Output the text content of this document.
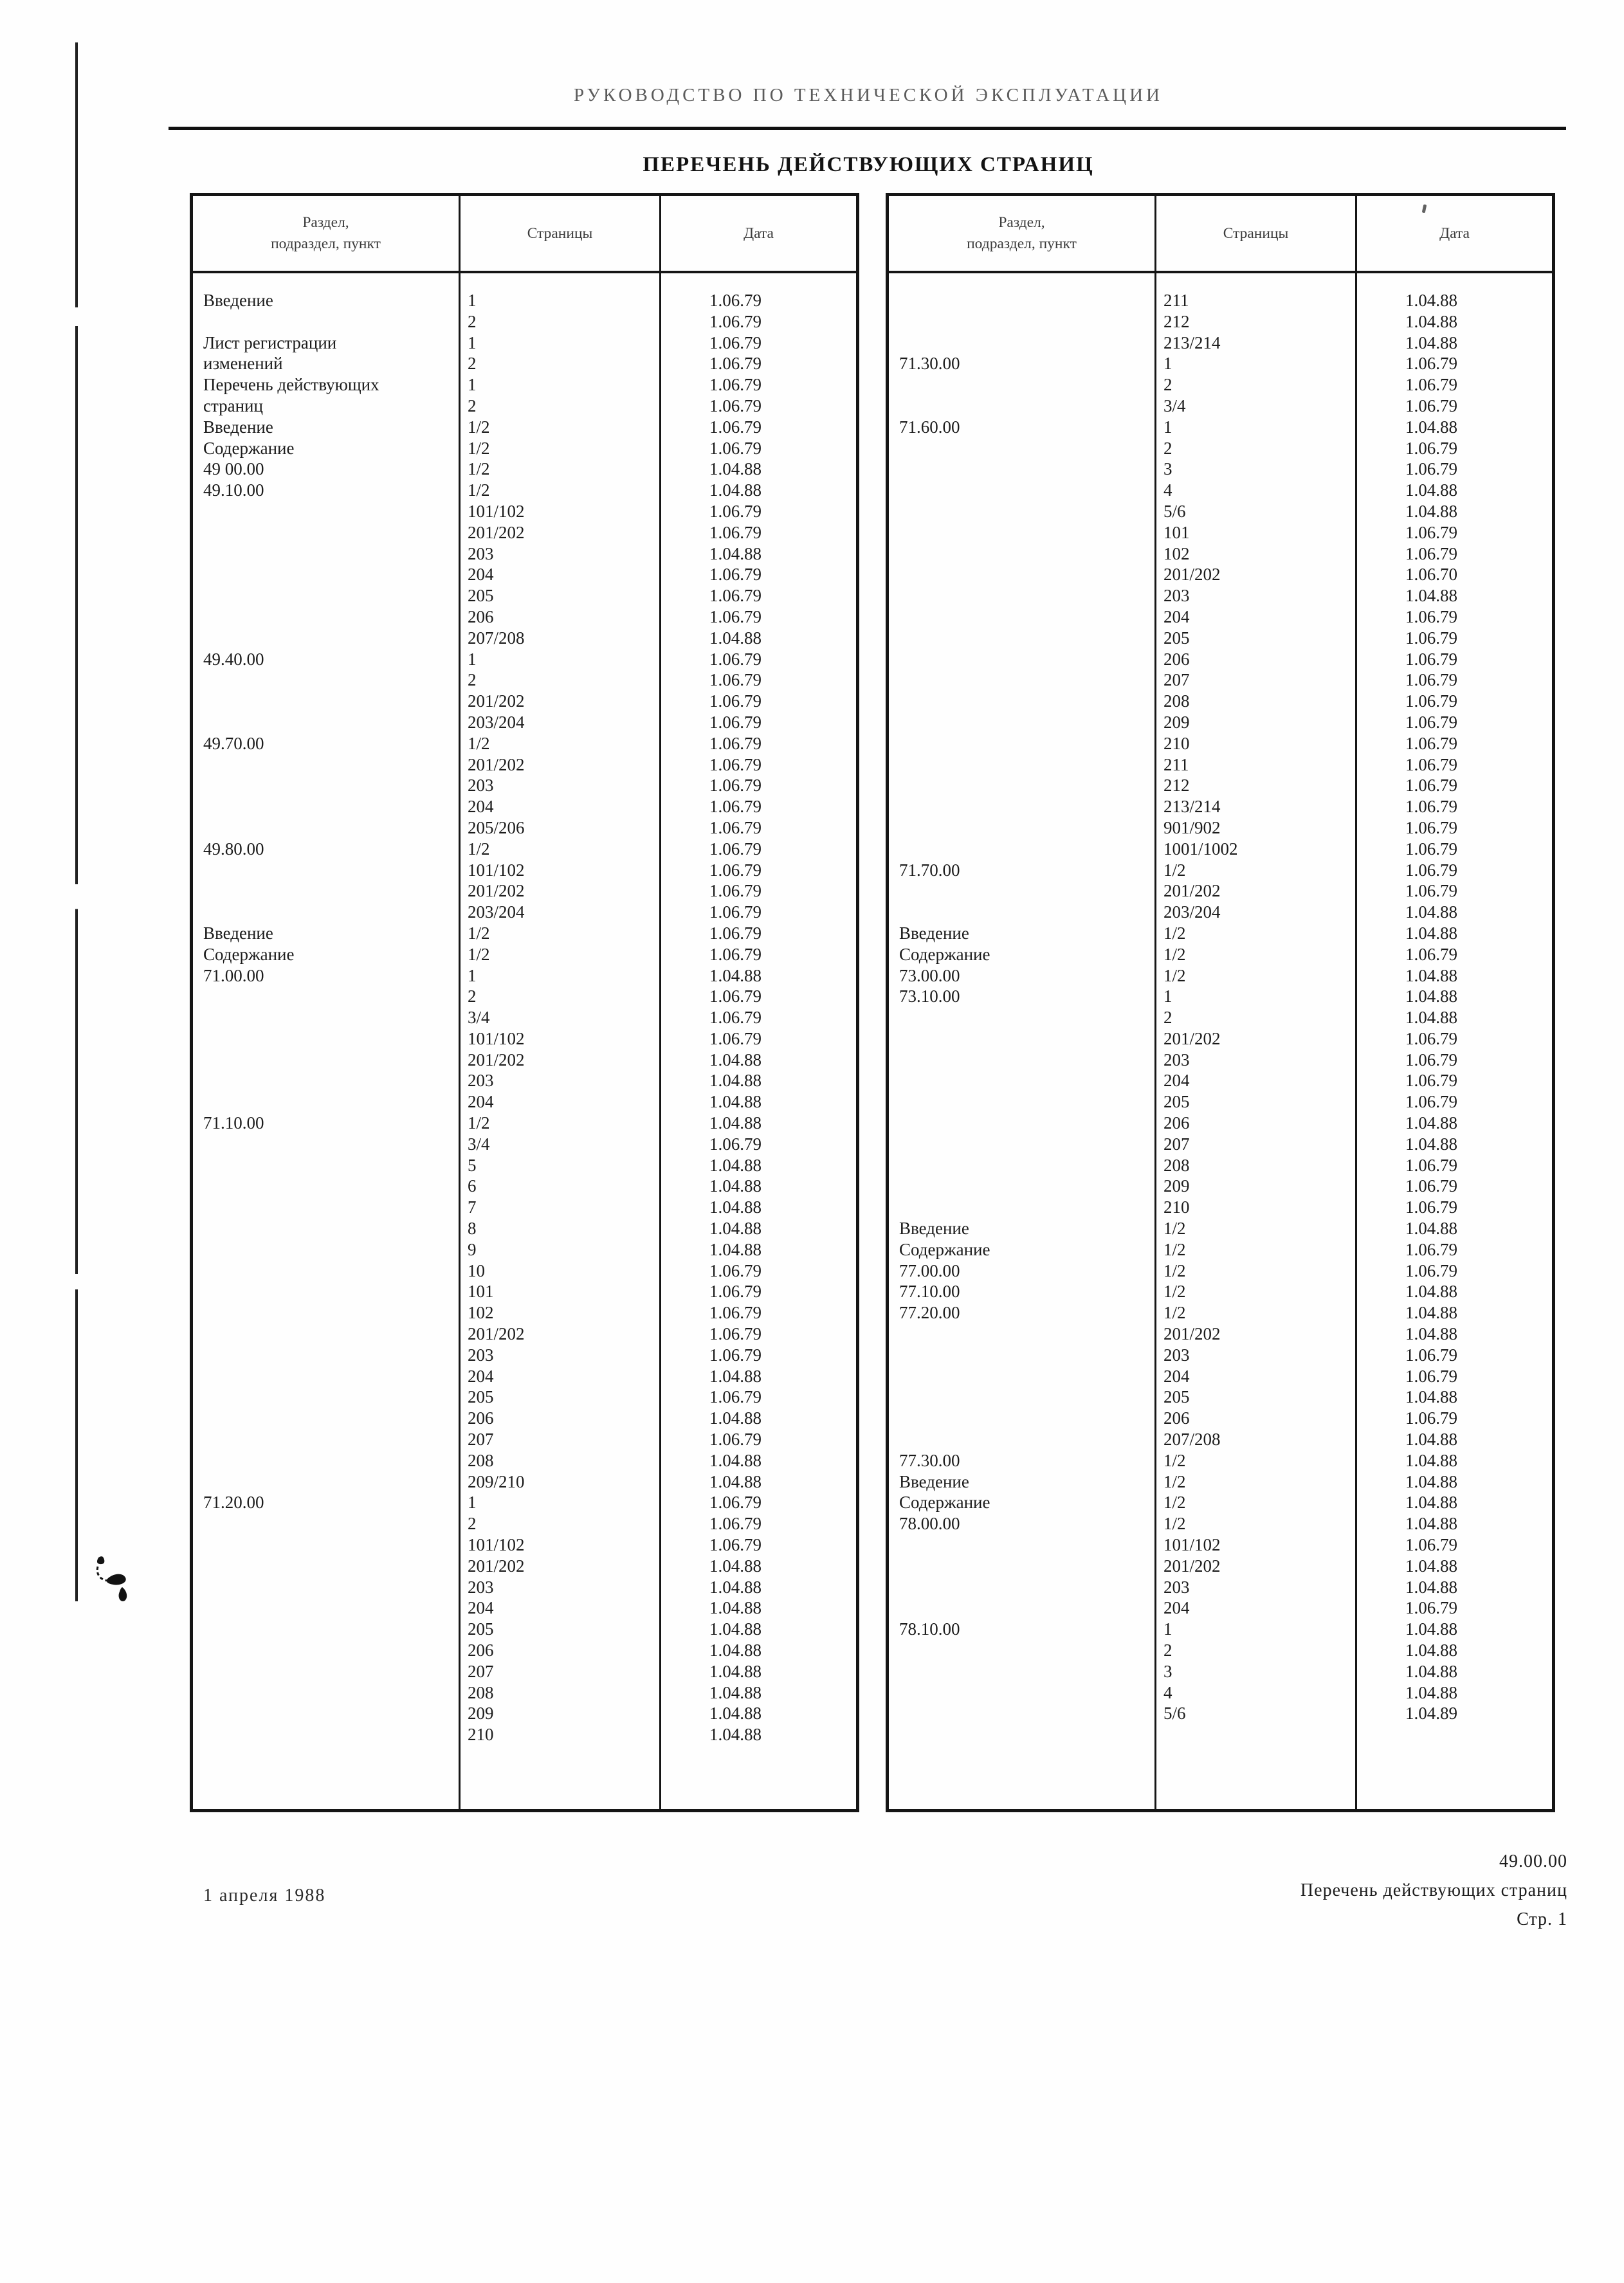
РУКОВОДСТВО ПО ТЕХНИЧЕСКОЙ ЭКСПЛУАТАЦИИ
ПЕРЕЧЕНЬ ДЕЙСТВУЮЩИХ СТРАНИЦ
Раздел,
подраздел, пункт
Страницы	Дата
Введение	1	1.06.79
2	1.06.79
Лист регистрации	1	1.06.79
изменений	2	1.06.79
Перечень действующих	1	1.06.79
страниц	2	1.06.79
Введение	1/2	1.06.79
Содержание	1/2	1.06.79
49 00.00	1/2	1.04.88
49.10.00	1/2	1.04.88
101/102	1.06.79
201/202	1.06.79
203	1.04.88
204	1.06.79
205	1.06.79
206	1.06.79
207/208	1.04.88
49.40.00	1	1.06.79
2	1.06.79
201/202	1.06.79
203/204	1.06.79
49.70.00	1/2	1.06.79
201/202	1.06.79
203	1.06.79
204	1.06.79
205/206	1.06.79
49.80.00	1/2	1.06.79
101/102	1.06.79
201/202	1.06.79
203/204	1.06.79
Введение	1/2	1.06.79
Содержание	1/2	1.06.79
71.00.00	1	1.04.88
2	1.06.79
3/4	1.06.79
101/102	1.06.79
201/202	1.04.88
203	1.04.88
204	1.04.88
71.10.00	1/2	1.04.88
3/4	1.06.79
5	1.04.88
6	1.04.88
7	1.04.88
8	1.04.88
9	1.04.88
10	1.06.79
101	1.06.79
102	1.06.79
201/202	1.06.79
203	1.06.79
204	1.04.88
205	1.06.79
206	1.04.88
207	1.06.79
208	1.04.88
209/210	1.04.88
71.20.00	1	1.06.79
2	1.06.79
101/102	1.06.79
201/202	1.04.88
203	1.04.88
204	1.04.88
205	1.04.88
206	1.04.88
207	1.04.88
208	1.04.88
209	1.04.88
210	1.04.88
Раздел,
подраздел, пункт
Страницы	Дата
211	1.04.88
212	1.04.88
213/214	1.04.88
71.30.00	1	1.06.79
2	1.06.79
3/4	1.06.79
71.60.00	1	1.04.88
2	1.06.79
3	1.06.79
4	1.04.88
5/6	1.04.88
101	1.06.79
102	1.06.79
201/202	1.06.70
203	1.04.88
204	1.06.79
205	1.06.79
206	1.06.79
207	1.06.79
208	1.06.79
209	1.06.79
210	1.06.79
211	1.06.79
212	1.06.79
213/214	1.06.79
901/902	1.06.79
1001/1002	1.06.79
71.70.00	1/2	1.06.79
201/202	1.06.79
203/204	1.04.88
Введение	1/2	1.04.88
Содержание	1/2	1.06.79
73.00.00	1/2	1.04.88
73.10.00	1	1.04.88
2	1.04.88
201/202	1.06.79
203	1.06.79
204	1.06.79
205	1.06.79
206	1.04.88
207	1.04.88
208	1.06.79
209	1.06.79
210	1.06.79
Введение	1/2	1.04.88
Содержание	1/2	1.06.79
77.00.00	1/2	1.06.79
77.10.00	1/2	1.04.88
77.20.00	1/2	1.04.88
201/202	1.04.88
203	1.06.79
204	1.06.79
205	1.04.88
206	1.06.79
207/208	1.04.88
77.30.00	1/2	1.04.88
Введение	1/2	1.04.88
Содержание	1/2	1.04.88
78.00.00	1/2	1.04.88
101/102	1.06.79
201/202	1.04.88
203	1.04.88
204	1.06.79
78.10.00	1	1.04.88
2	1.04.88
3	1.04.88
4	1.04.88
5/6	1.04.89
1 апреля 1988
49.00.00
Перечень действующих страниц
Стр. 1
